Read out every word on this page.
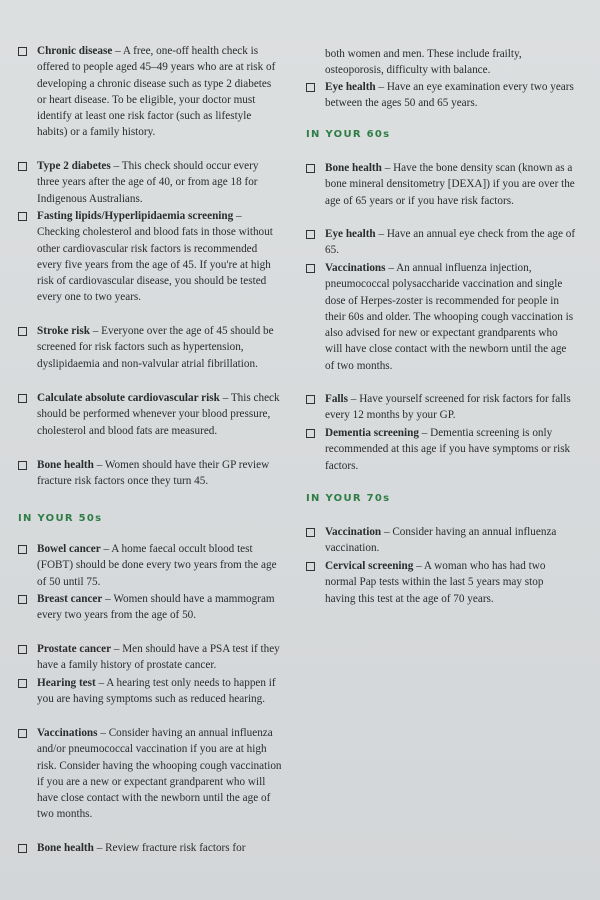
Chronic disease – A free, one-off health check is offered to people aged 45–49 years who are at risk of developing a chronic disease such as type 2 diabetes or heart disease. To be eligible, your doctor must identify at least one risk factor (such as lifestyle habits) or a family history.

Type 2 diabetes – This check should occur every three years after the age of 40, or from age 18 for Indigenous Australians.

Fasting lipids/Hyperlipidaemia screening – Checking cholesterol and blood fats in those without other cardiovascular risk factors is recommended every five years from the age of 45. If you're at high risk of cardiovascular disease, you should be tested every one to two years.

Stroke risk – Everyone over the age of 45 should be screened for risk factors such as hypertension, dyslipidaemia and non-valvular atrial fibrillation.

Calculate absolute cardiovascular risk – This check should be performed whenever your blood pressure, cholesterol and blood fats are measured.

Bone health – Women should have their GP review fracture risk factors once they turn 45.

IN YOUR 50s

Bowel cancer – A home faecal occult blood test (FOBT) should be done every two years from the age of 50 until 75.

Breast cancer – Women should have a mammogram every two years from the age of 50.

Prostate cancer – Men should have a PSA test if they have a family history of prostate cancer.

Hearing test – A hearing test only needs to happen if you are having symptoms such as reduced hearing.

Vaccinations – Consider having an annual influenza and/or pneumococcal vaccination if you are at high risk. Consider having the whooping cough vaccination if you are a new or expectant grandparent who will have close contact with the newborn until the age of two months.

Bone health – Review fracture risk factors for

both women and men. These include frailty, osteoporosis, difficulty with balance.

Eye health – Have an eye examination every two years between the ages 50 and 65 years.

IN YOUR 60s

Bone health – Have the bone density scan (known as a bone mineral densitometry [DEXA]) if you are over the age of 65 years or if you have risk factors.

Eye health – Have an annual eye check from the age of 65.

Vaccinations – An annual influenza injection, pneumococcal polysaccharide vaccination and single dose of Herpes-zoster is recommended for people in their 60s and older. The whooping cough vaccination is also advised for new or expectant grandparents who will have close contact with the newborn until the age of two months.

Falls – Have yourself screened for risk factors for falls every 12 months by your GP.

Dementia screening – Dementia screening is only recommended at this age if you have symptoms or risk factors.

IN YOUR 70s

Vaccination – Consider having an annual influenza vaccination.

Cervical screening – A woman who has had two normal Pap tests within the last 5 years may stop having this test at the age of 70 years.
